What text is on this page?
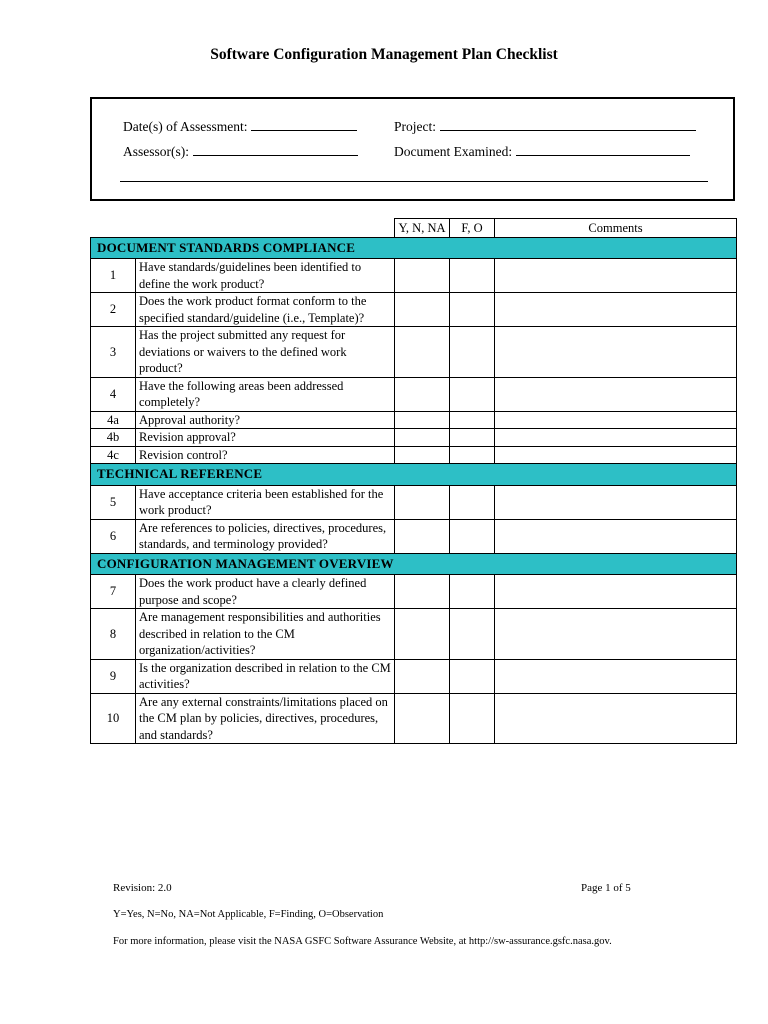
Software Configuration Management Plan Checklist
Date(s) of Assessment:	Project:
Assessor(s):	Document Examined:
		Y, N, NA	F, O	Comments
DOCUMENT STANDARDS COMPLIANCE				
1	Have standards/guidelines been identified to define the work product?			
2	Does the work product format conform to the specified standard/guideline (i.e., Template)?			
3	Has the project submitted any request for deviations or waivers to the defined work product?			
4	Have the following areas been addressed completely?			
4a	Approval authority?			
4b	Revision approval?			
4c	Revision control?			
TECHNICAL REFERENCE				
5	Have acceptance criteria been established for the work product?			
6	Are references to policies, directives, procedures, standards, and terminology provided?			
CONFIGURATION MANAGEMENT OVERVIEW				
7	Does the work product have a clearly defined purpose and scope?			
8	Are management responsibilities and authorities described in relation to the CM organization/activities?			
9	Is the organization described in relation to the CM activities?			
10	Are any external constraints/limitations placed on the CM plan by policies, directives, procedures, and standards?			
Revision: 2.0	Page 1 of 5
Y=Yes, N=No, NA=Not Applicable, F=Finding, O=Observation
For more information, please visit the NASA GSFC Software Assurance Website, at http://sw-assurance.gsfc.nasa.gov.
